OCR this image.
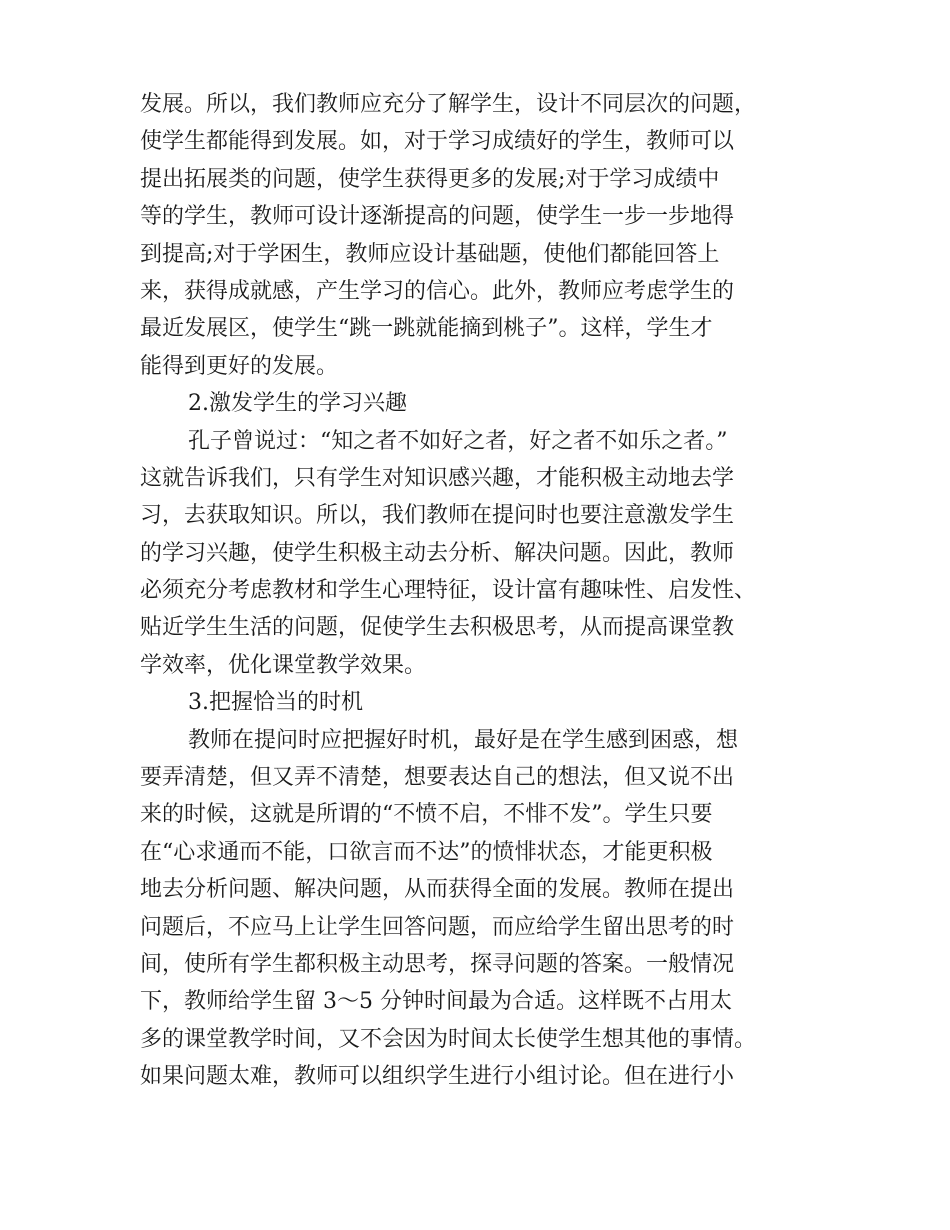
发展。所以，我们教师应充分了解学生，设计不同层次的问题，
使学生都能得到发展。如，对于学习成绩好的学生，教师可以
提出拓展类的问题，使学生获得更多的发展;对于学习成绩中
等的学生，教师可设计逐渐提高的问题，使学生一步一步地得
到提高;对于学困生，教师应设计基础题，使他们都能回答上
来，获得成就感，产生学习的信心。此外，教师应考虑学生的
最近发展区，使学生“跳一跳就能摘到桃子”。这样，学生才
能得到更好的发展。
2.激发学生的学习兴趣
孔子曾说过：“知之者不如好之者，好之者不如乐之者。”
这就告诉我们，只有学生对知识感兴趣，才能积极主动地去学
习，去获取知识。所以，我们教师在提问时也要注意激发学生
的学习兴趣，使学生积极主动去分析、解决问题。因此，教师
必须充分考虑教材和学生心理特征，设计富有趣味性、启发性、
贴近学生生活的问题，促使学生去积极思考，从而提高课堂教
学效率，优化课堂教学效果。
3.把握恰当的时机
教师在提问时应把握好时机，最好是在学生感到困惑，想
要弄清楚，但又弄不清楚，想要表达自己的想法，但又说不出
来的时候，这就是所谓的“不愤不启，不悱不发”。学生只要
在“心求通而不能，口欲言而不达”的愤悱状态，才能更积极
地去分析问题、解决问题，从而获得全面的发展。教师在提出
问题后，不应马上让学生回答问题，而应给学生留出思考的时
间，使所有学生都积极主动思考，探寻问题的答案。一般情况
下，教师给学生留 3～5 分钟时间最为合适。这样既不占用太
多的课堂教学时间，又不会因为时间太长使学生想其他的事情。
如果问题太难，教师可以组织学生进行小组讨论。但在进行小
